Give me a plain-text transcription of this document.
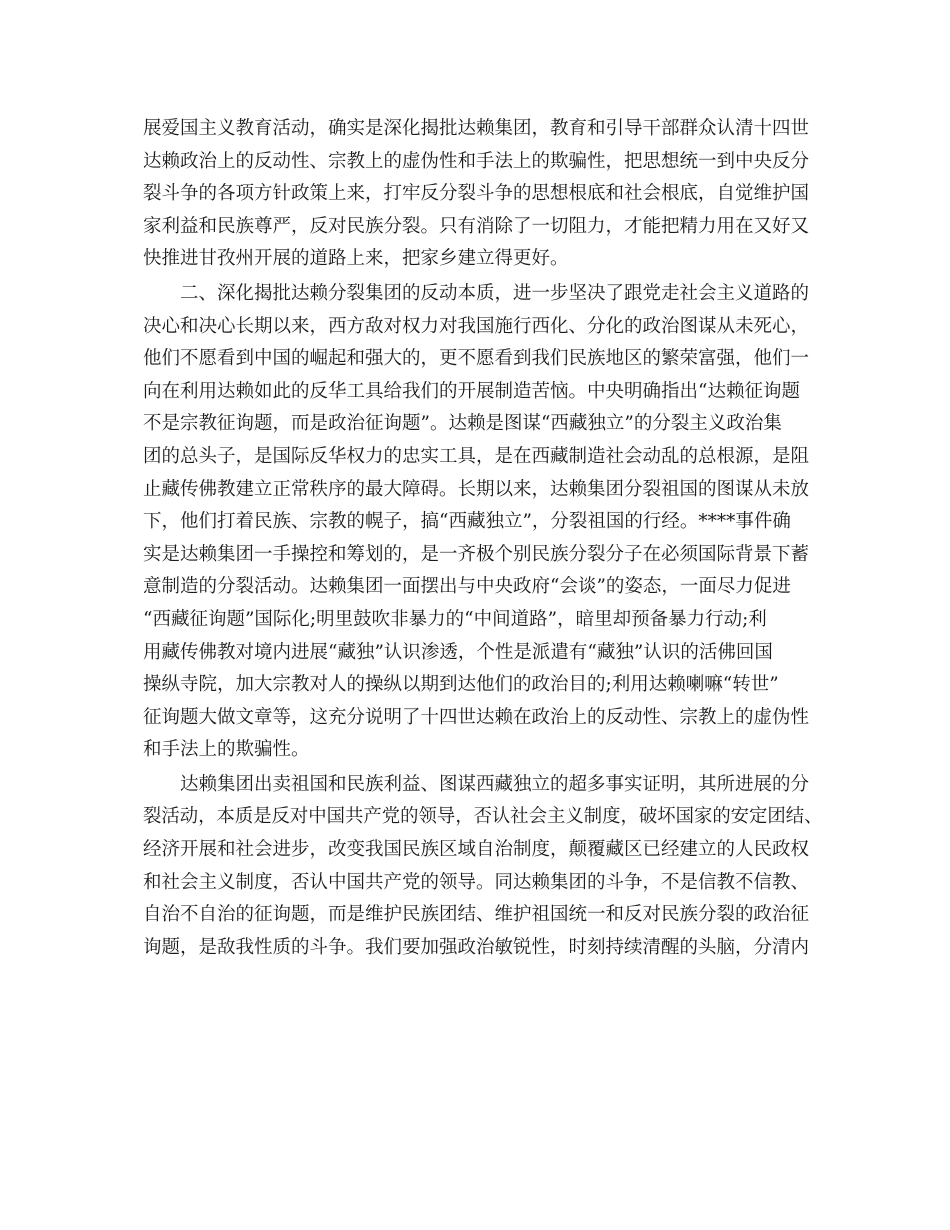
展爱国主义教育活动，确实是深化揭批达赖集团，教育和引导干部群众认清十四世
达赖政治上的反动性、宗教上的虚伪性和手法上的欺骗性，把思想统一到中央反分
裂斗争的各项方针政策上来，打牢反分裂斗争的思想根底和社会根底，自觉维护国
家利益和民族尊严，反对民族分裂。只有消除了一切阻力，才能把精力用在又好又
快推进甘孜州开展的道路上来，把家乡建立得更好。
二、深化揭批达赖分裂集团的反动本质，进一步坚决了跟党走社会主义道路的
决心和决心长期以来，西方敌对权力对我国施行西化、分化的政治图谋从未死心，
他们不愿看到中国的崛起和强大的，更不愿看到我们民族地区的繁荣富强，他们一
向在利用达赖如此的反华工具给我们的开展制造苦恼。中央明确指出“达赖征询题
不是宗教征询题，而是政治征询题”。达赖是图谋“西藏独立”的分裂主义政治集
团的总头子，是国际反华权力的忠实工具，是在西藏制造社会动乱的总根源，是阻
止藏传佛教建立正常秩序的最大障碍。长期以来，达赖集团分裂祖国的图谋从未放
下，他们打着民族、宗教的幌子，搞“西藏独立”，分裂祖国的行经。****事件确
实是达赖集团一手操控和筹划的，是一齐极个别民族分裂分子在必须国际背景下蓄
意制造的分裂活动。达赖集团一面摆出与中央政府“会谈”的姿态，一面尽力促进
“西藏征询题”国际化;明里鼓吹非暴力的“中间道路”，暗里却预备暴力行动;利
用藏传佛教对境内进展“藏独”认识渗透，个性是派遣有“藏独”认识的活佛回国
操纵寺院，加大宗教对人的操纵以期到达他们的政治目的;利用达赖喇嘛“转世”
征询题大做文章等，这充分说明了十四世达赖在政治上的反动性、宗教上的虚伪性
和手法上的欺骗性。
达赖集团出卖祖国和民族利益、图谋西藏独立的超多事实证明，其所进展的分
裂活动，本质是反对中国共产党的领导，否认社会主义制度，破坏国家的安定团结、
经济开展和社会进步，改变我国民族区域自治制度，颠覆藏区已经建立的人民政权
和社会主义制度，否认中国共产党的领导。同达赖集团的斗争，不是信教不信教、
自治不自治的征询题，而是维护民族团结、维护祖国统一和反对民族分裂的政治征
询题，是敌我性质的斗争。我们要加强政治敏锐性，时刻持续清醒的头脑，分清内
